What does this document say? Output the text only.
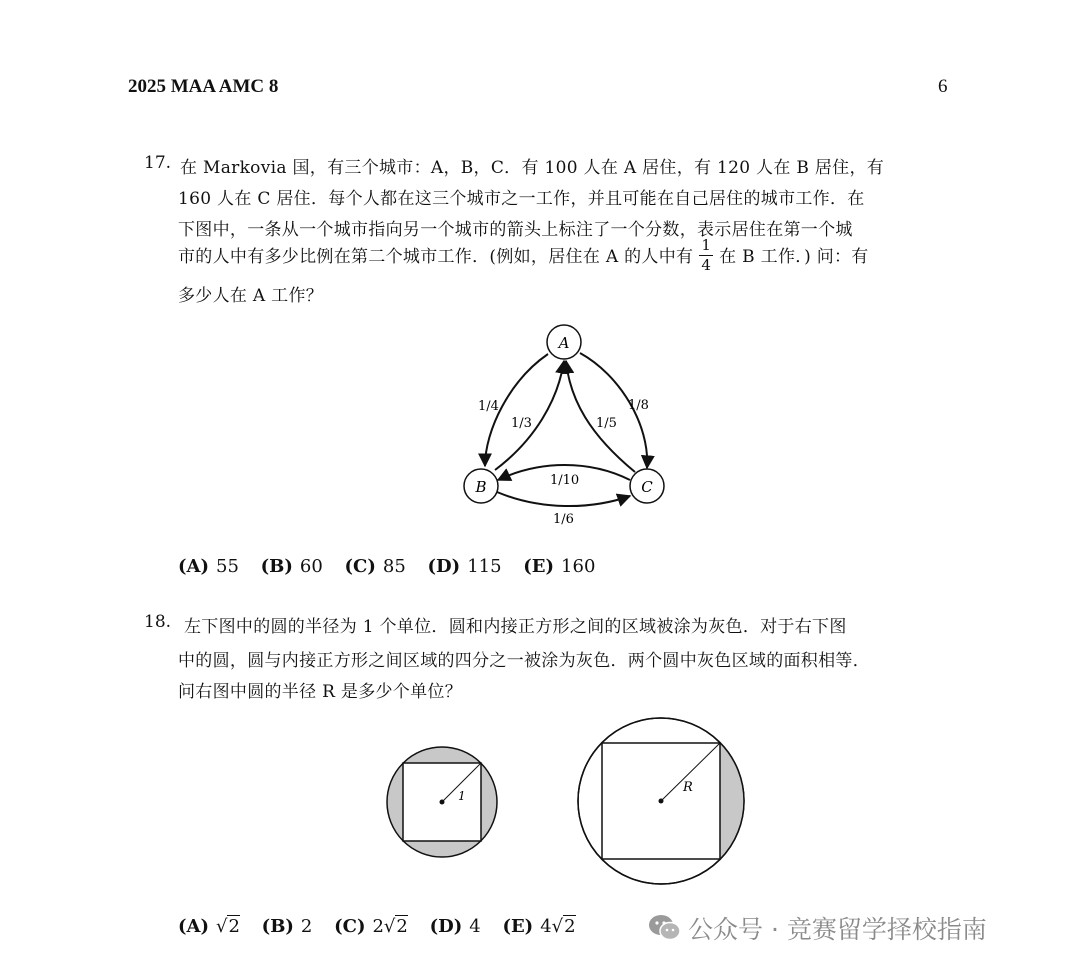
2025 MAA AMC 8	6
17. 在 Markovia 国，有三个城市：A，B，C．有 100 人在 A 居住，有 120 人在 B 居住，有
160 人在 C 居住．每个人都在这三个城市之一工作，并且可能在自己居住的城市工作．在
下图中，一条从一个城市指向另一个城市的箭头上标注了一个分数，表示居住在第一个城
市的人中有多少比例在第二个城市工作．(例如，居住在 A 的人中有 $\frac{1}{4}$ 在 B 工作．) 问：有
多少人在 A 工作？
A
B	C
1/4
1/3	1/5
1/8
1/10
1/6
(A) 55 (B) 60 (C) 85 (D) 115 (E) 160
18. 左下图中的圆的半径为 1 个单位．圆和内接正方形之间的区域被涂为灰色．对于右下图
中的圆，圆与内接正方形之间区域的四分之一被涂为灰色．两个圆中灰色区域的面积相等．
问右图中圆的半径 R 是多少个单位？
1
R
(A) √2 (B) 2 (C) 2√2 (D) 4 (E) 4√2	公众号 · 竞赛留学择校指南
